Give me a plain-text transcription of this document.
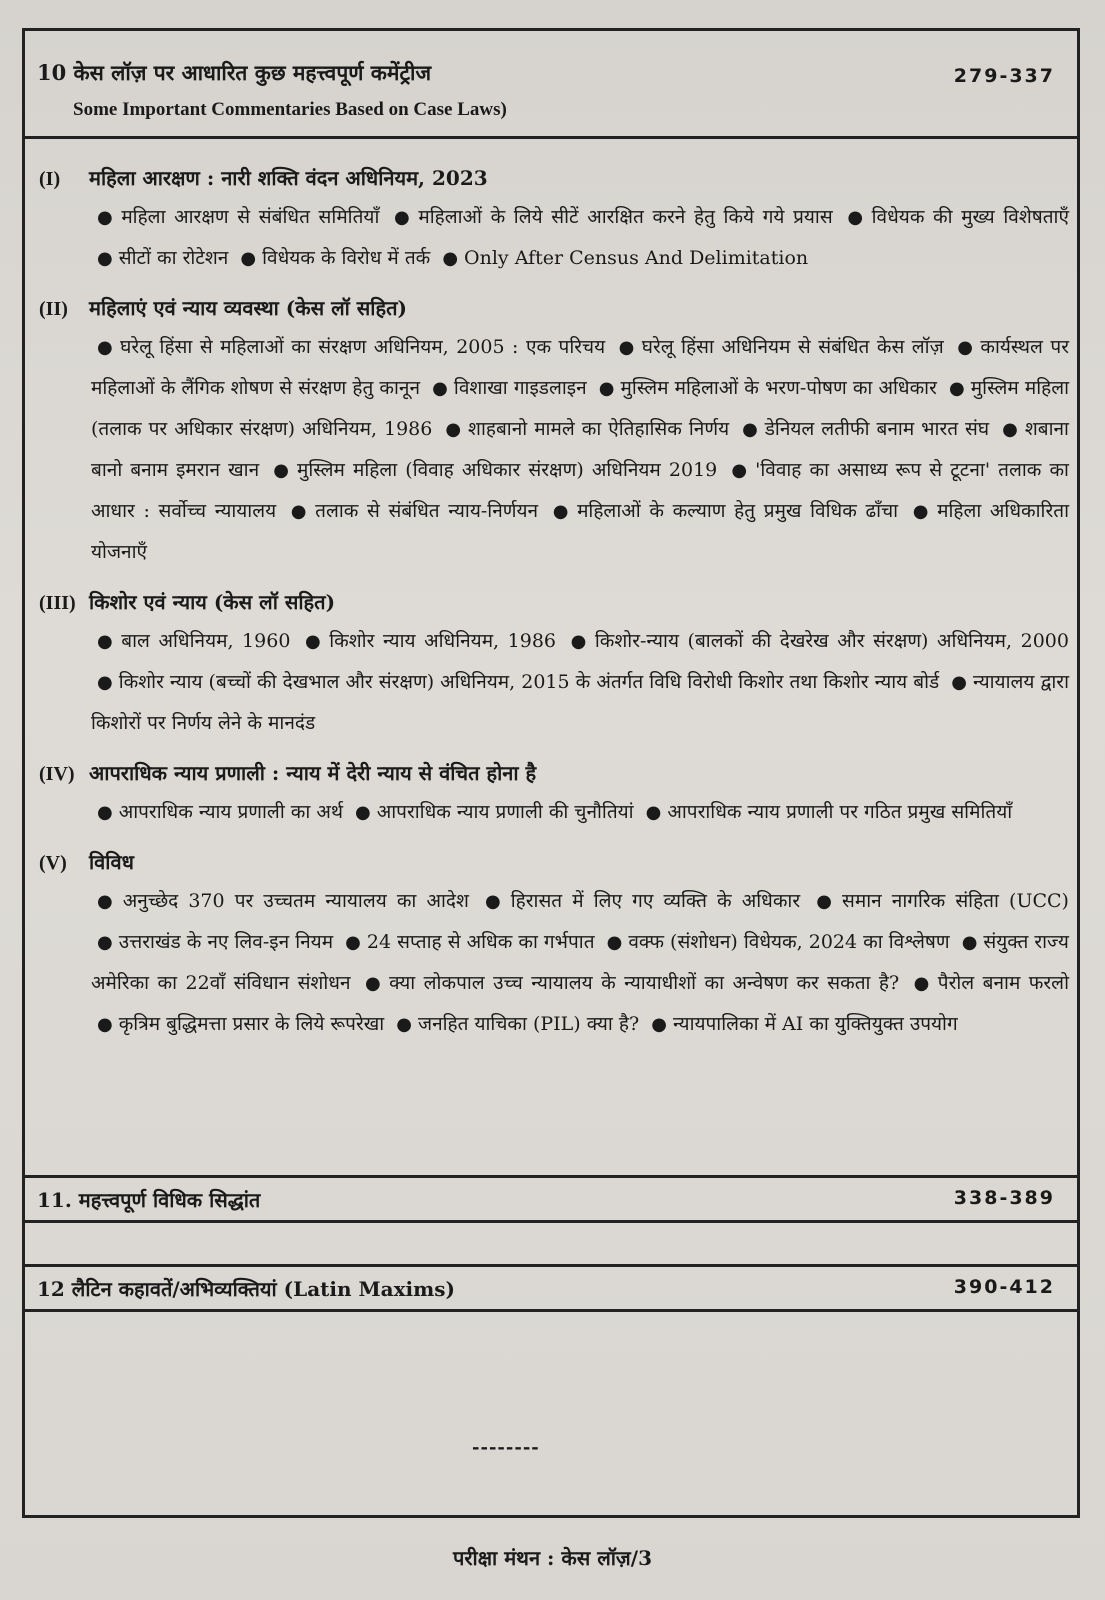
10 केस लॉज़ पर आधारित कुछ महत्त्वपूर्ण कमेंट्रीज
Some Important Commentaries Based on Case Laws)
279-337
(I) महिला आरक्षण : नारी शक्ति वंदन अधिनियम, 2023

● महिला आरक्षण से संबंधित समितियाँ ● महिलाओं के लिये सीटें आरक्षित करने हेतु किये गये प्रयास ● विधेयक की मुख्य विशेषताएँ ● सीटों का रोटेशन ● विधेयक के विरोध में तर्क ● Only After Census And Delimitation

(II) महिलाएं एवं न्याय व्यवस्था (केस लॉ सहित)

● घरेलू हिंसा से महिलाओं का संरक्षण अधिनियम, 2005 : एक परिचय ● घरेलू हिंसा अधिनियम से संबंधित केस लॉज़ ● कार्यस्थल पर महिलाओं के लैंगिक शोषण से संरक्षण हेतु कानून ● विशाखा गाइडलाइन ● मुस्लिम महिलाओं के भरण-पोषण का अधिकार ● मुस्लिम महिला (तलाक पर अधिकार संरक्षण) अधिनियम, 1986 ● शाहबानो मामले का ऐतिहासिक निर्णय ● डेनियल लतीफी बनाम भारत संघ ● शबाना बानो बनाम इमरान खान ● मुस्लिम महिला (विवाह अधिकार संरक्षण) अधिनियम 2019 ● 'विवाह का असाध्य रूप से टूटना' तलाक का आधार : सर्वोच्च न्यायालय ● तलाक से संबंधित न्याय-निर्णयन ● महिलाओं के कल्याण हेतु प्रमुख विधिक ढाँचा ● महिला अधिकारिता योजनाएँ

(III) किशोर एवं न्याय (केस लॉ सहित)

● बाल अधिनियम, 1960 ● किशोर न्याय अधिनियम, 1986 ● किशोर-न्याय (बालकों की देखरेख और संरक्षण) अधिनियम, 2000 ● किशोर न्याय (बच्चों की देखभाल और संरक्षण) अधिनियम, 2015 के अंतर्गत विधि विरोधी किशोर तथा किशोर न्याय बोर्ड ● न्यायालय द्वारा किशोरों पर निर्णय लेने के मानदंड

(IV) आपराधिक न्याय प्रणाली : न्याय में देरी न्याय से वंचित होना है

● आपराधिक न्याय प्रणाली का अर्थ ● आपराधिक न्याय प्रणाली की चुनौतियां ● आपराधिक न्याय प्रणाली पर गठित प्रमुख समितियाँ

(V) विविध

● अनुच्छेद 370 पर उच्चतम न्यायालय का आदेश ● हिरासत में लिए गए व्यक्ति के अधिकार ● समान नागरिक संहिता (UCC) ● उत्तराखंड के नए लिव-इन नियम ● 24 सप्ताह से अधिक का गर्भपात ● वक्फ (संशोधन) विधेयक, 2024 का विश्लेषण ● संयुक्त राज्य अमेरिका का 22वाँ संविधान संशोधन ● क्या लोकपाल उच्च न्यायालय के न्यायाधीशों का अन्वेषण कर सकता है? ● पैरोल बनाम फरलो ● कृत्रिम बुद्धिमत्ता प्रसार के लिये रूपरेखा ● जनहित याचिका (PIL) क्या है? ● न्यायपालिका में AI का युक्तियुक्त उपयोग

11. महत्त्वपूर्ण विधिक सिद्धांत	338-389
12 लैटिन कहावतें/अभिव्यक्तियां (Latin Maxims)	390-412
--------
परीक्षा मंथन : केस लॉज़/3
